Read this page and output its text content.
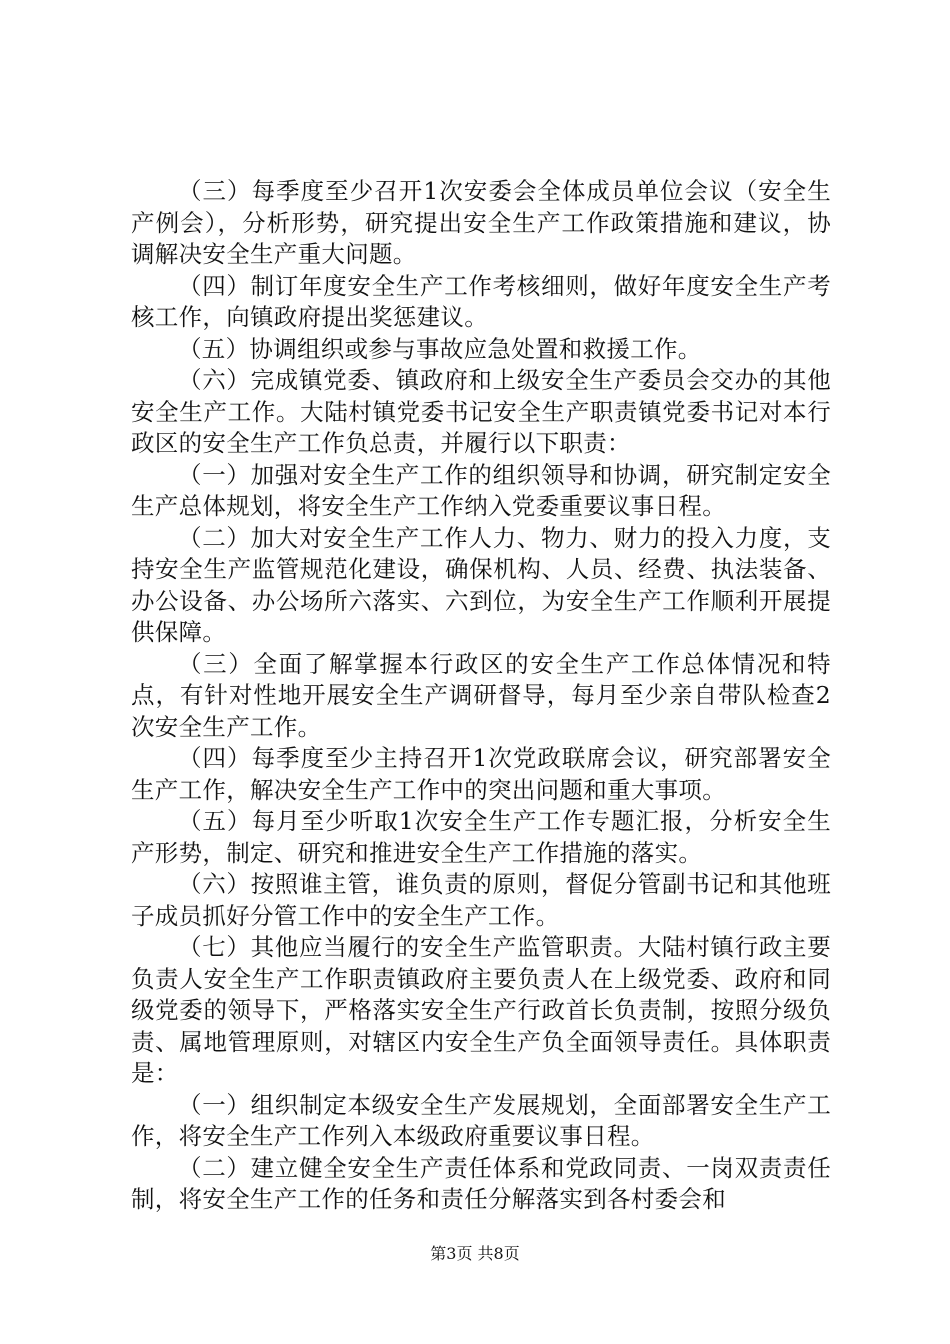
（三）每季度至少召开1次安委会全体成员单位会议（安全生产例会），分析形势，研究提出安全生产工作政策措施和建议，协调解决安全生产重大问题。

（四）制订年度安全生产工作考核细则，做好年度安全生产考核工作，向镇政府提出奖惩建议。

（五）协调组织或参与事故应急处置和救援工作。

（六）完成镇党委、镇政府和上级安全生产委员会交办的其他安全生产工作。大陆村镇党委书记安全生产职责镇党委书记对本行政区的安全生产工作负总责，并履行以下职责：

（一）加强对安全生产工作的组织领导和协调，研究制定安全生产总体规划，将安全生产工作纳入党委重要议事日程。

（二）加大对安全生产工作人力、物力、财力的投入力度，支持安全生产监管规范化建设，确保机构、人员、经费、执法装备、办公设备、办公场所六落实、六到位，为安全生产工作顺利开展提供保障。

（三）全面了解掌握本行政区的安全生产工作总体情况和特点，有针对性地开展安全生产调研督导，每月至少亲自带队检查2次安全生产工作。

（四）每季度至少主持召开1次党政联席会议，研究部署安全生产工作，解决安全生产工作中的突出问题和重大事项。

（五）每月至少听取1次安全生产工作专题汇报，分析安全生产形势，制定、研究和推进安全生产工作措施的落实。

（六）按照谁主管，谁负责的原则，督促分管副书记和其他班子成员抓好分管工作中的安全生产工作。

（七）其他应当履行的安全生产监管职责。大陆村镇行政主要负责人安全生产工作职责镇政府主要负责人在上级党委、政府和同级党委的领导下，严格落实安全生产行政首长负责制，按照分级负责、属地管理原则，对辖区内安全生产负全面领导责任。具体职责是：

（一）组织制定本级安全生产发展规划，全面部署安全生产工作，将安全生产工作列入本级政府重要议事日程。

（二）建立健全安全生产责任体系和党政同责、一岗双责责任制，将安全生产工作的任务和责任分解落实到各村委会和

第3页 共8页
